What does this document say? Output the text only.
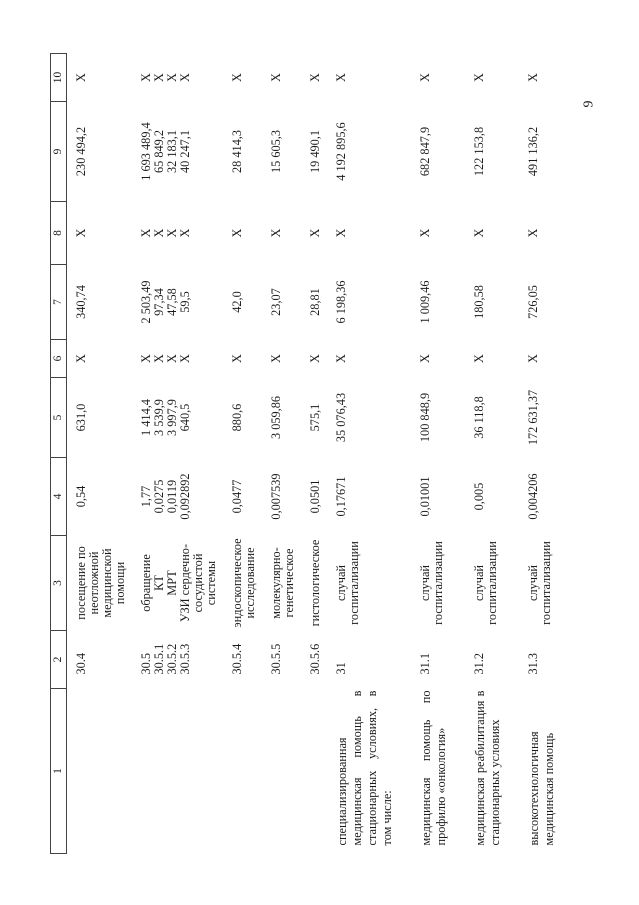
9
1	2	3	4	5	6	7	8	9	10
	30.4	посещение по неотложной медицинской помощи	0,54	631,0	X	340,74	X	230 494,2	X
	30.5	обращение	1,77	1 414,4	X	2 503,49	X	1 693 489,4	X
	30.5.1	КТ	0,0275	3 539,9	X	97,34	X	65 849,2	X
	30.5.2	МРТ	0,0119	3 997,9	X	47,58	X	32 183,1	X
	30.5.3	УЗИ сердечно-сосудистой системы	0,092892	640,5	X	59,5	X	40 247,1	X
	30.5.4	эндоскопическое исследование	0,0477	880,6	X	42,0	X	28 414,3	X
	30.5.5	молекулярно-генетическое	0,007539	3 059,86	X	23,07	X	15 605,3	X
	30.5.6	гистологическое	0,0501	575,1	X	28,81	X	19 490,1	X
специализированная медицинская помощь в стационарных условиях, в том числе:	31	случай госпитализации	0,17671	35 076,43	X	6 198,36	X	4 192 895,6	X
медицинская помощь по профилю «онкология»	31.1	случай госпитализации	0,01001	100 848,9	X	1 009,46	X	682 847,9	X
медицинская реабилитация в стационарных условиях	31.2	случай госпитализации	0,005	36 118,8	X	180,58	X	122 153,8	X
высокотехнологичная медицинская помощь	31.3	случай госпитализации	0,004206	172 631,37	X	726,05	X	491 136,2	X
